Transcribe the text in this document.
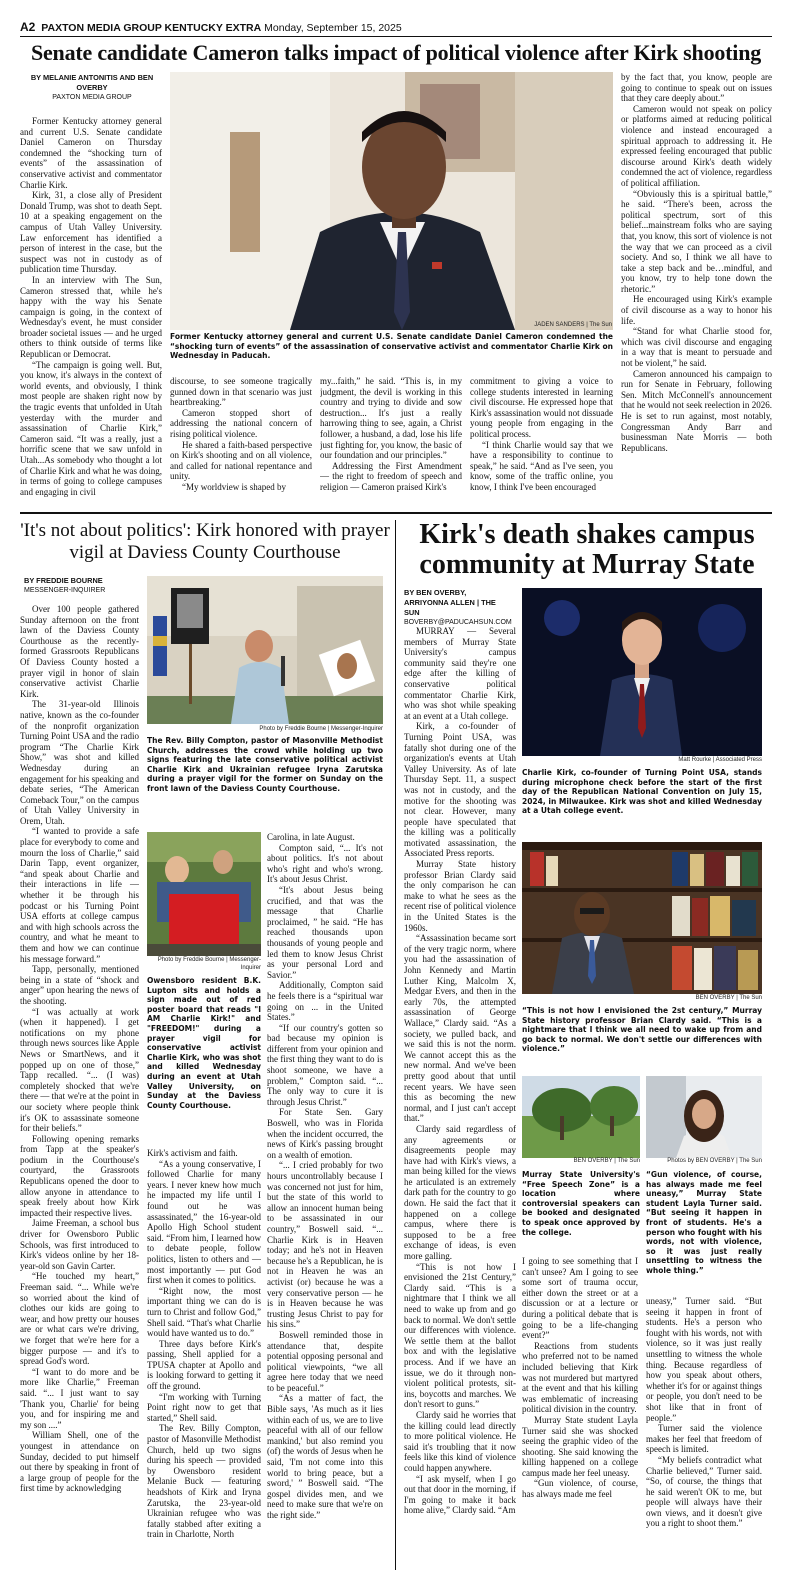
A2 PAXTON MEDIA GROUP KENTUCKY EXTRA Monday, September 15, 2025
Senate candidate Cameron talks impact of political violence after Kirk shooting
BY MELANIE ANTONITIS AND BEN OVERBY
PAXTON MEDIA GROUP

Former Kentucky attorney general and current U.S. Senate candidate Daniel Cameron on Thursday condemned the “shocking turn of events” of the assassination of conservative activist and commentator Charlie Kirk.

Kirk, 31, a close ally of President Donald Trump, was shot to death Sept. 10 at a speaking engagement on the campus of Utah Valley University. Law enforcement has identified a person of interest in the case, but the suspect was not in custody as of publication time Thursday.

In an interview with The Sun, Cameron stressed that, while he's happy with the way his Senate campaign is going, in the context of Wednesday's event, he must consider broader societal issues — and he urged others to think outside of terms like Republican or Democrat.

“The campaign is going well. But, you know, it's always in the context of world events, and obviously, I think most people are shaken right now by the tragic events that unfolded in Utah yesterday with the murder and assassination of Charlie Kirk,” Cameron said. “It was a really, just a horrific scene that we saw unfold in Utah...As somebody who thought a lot of Charlie Kirk and what he was doing, in terms of going to college campuses and engaging in civil

JADEN SANDERS | The Sun
Former Kentucky attorney general and current U.S. Senate candidate Daniel Cameron condemned the “shocking turn of events” of the assassination of conservative activist and commentator Charlie Kirk on Wednesday in Paducah.

discourse, to see someone tragically gunned down in that scenario was just heartbreaking.”

Cameron stopped short of addressing the national concern of rising political violence.

He shared a faith-based perspective on Kirk's shooting and on all violence, and called for national repentance and unity.

“My worldview is shaped by

my...faith,” he said. “This is, in my judgment, the devil is working in this country and trying to divide and sow destruction... It's just a really harrowing thing to see, again, a Christ follower, a husband, a dad, lose his life just fighting for, you know, the basic of our foundation and our principles.”

Addressing the First Amendment — the right to freedom of speech and religion — Cameron praised Kirk's

commitment to giving a voice to college students interested in learning civil discourse. He expressed hope that Kirk's assassination would not dissuade young people from engaging in the political process.

“I think Charlie would say that we have a responsibility to continue to speak,” he said. “And as I've seen, you know, some of the traffic online, you know, I think I've been encouraged

by the fact that, you know, people are going to continue to speak out on issues that they care deeply about.”

Cameron would not speak on policy or platforms aimed at reducing political violence and instead encouraged a spiritual approach to addressing it. He expressed feeling encouraged that public discourse around Kirk's death widely condemned the act of violence, regardless of political affiliation.

“Obviously this is a spiritual battle,” he said. “There's been, across the political spectrum, sort of this belief...mainstream folks who are saying that, you know, this sort of violence is not the way that we can proceed as a civil society. And so, I think we all have to take a step back and be…mindful, and you know, try to help tone down the rhetoric.”

He encouraged using Kirk's example of civil discourse as a way to honor his life.

“Stand for what Charlie stood for, which was civil discourse and engaging in a way that is meant to persuade and not be violent,” he said.

Cameron announced his campaign to run for Senate in February, following Sen. Mitch McConnell's announcement that he would not seek reelection in 2026. He is set to run against, most notably, Congressman Andy Barr and businessman Nate Morris — both Republicans.

'It's not about politics': Kirk honored with prayer vigil at Daviess County Courthouse
BY FREDDIE BOURNE
MESSENGER-INQUIRER

Over 100 people gathered Sunday afternoon on the front lawn of the Daviess County Courthouse as the recently-formed Grassroots Republicans Of Daviess County hosted a prayer vigil in honor of slain conservative activist Charlie Kirk.

The 31-year-old Illinois native, known as the co-founder of the nonprofit organization Turning Point USA and the radio program “The Charlie Kirk Show,” was shot and killed Wednesday during an engagement for his speaking and debate series, “The American Comeback Tour,” on the campus of Utah Valley University in Orem, Utah.

“I wanted to provide a safe place for everybody to come and mourn the loss of Charlie,” said Darin Tapp, event organizer, “and speak about Charlie and their interactions in life — whether it be through his podcast or his Turning Point USA efforts at college campus and with high schools across the country, and what he meant to them and how we can continue his message forward.”

Tapp, personally, mentioned being in a state of “shock and anger” upon hearing the news of the shooting.

“I was actually at work (when it happened). I get notifications on my phone through news sources like Apple News or SmartNews, and it popped up on one of those,” Tapp recalled. “... (I was) completely shocked that we're there — that we're at the point in our society where people think it's OK to assassinate someone for their beliefs.”

Following opening remarks from Tapp at the speaker's podium in the Courthouse's courtyard, the Grassroots Republicans opened the door to allow anyone in attendance to speak freely about how Kirk impacted their respective lives.

Jaime Freeman, a school bus driver for Owensboro Public Schools, was first introduced to Kirk's videos online by her 18-year-old son Gavin Carter.

“He touched my heart,” Freeman said. “... While we're so worried about the kind of clothes our kids are going to wear, and how pretty our houses are or what cars we're driving, we forget that we're here for a bigger purpose — and it's to spread God's word.

“I want to do more and be more like Charlie,” Freeman said. “... I just want to say 'Thank you, Charlie' for being you, and for inspiring me and my son ....”

William Shell, one of the youngest in attendance on Sunday, decided to put himself out there by speaking in front of a large group of people for the first time by acknowledging

Photo by Freddie Bourne | Messenger-Inquirer
The Rev. Billy Compton, pastor of Masonville Methodist Church, addresses the crowd while holding up two signs featuring the late conservative political activist Charlie Kirk and Ukrainian refugee Iryna Zarutska during a prayer vigil for the former on Sunday on the front lawn of the Daviess County Courthouse.
Photo by Freddie Bourne | Messenger-Inquirer
Owensboro resident B.K. Lupton sits and holds a sign made out of red poster board that reads "I AM Charlie Kirk!" and "FREEDOM!" during a prayer vigil for conservative activist Charlie Kirk, who was shot and killed Wednesday during an event at Utah Valley University, on Sunday at the Daviess County Courthouse.

Kirk's activism and faith.

“As a young conservative, I followed Charlie for many years. I never knew how much he impacted my life until I found out he was assassinated,” the 16-year-old Apollo High School student said. “From him, I learned how to debate people, follow politics, listen to others and — most importantly — put God first when it comes to politics.

“Right now, the most important thing we can do is turn to Christ and follow God,” Shell said. “That's what Charlie would have wanted us to do.”

Three days before Kirk's passing, Shell applied for a TPUSA chapter at Apollo and is looking forward to getting it off the ground.

“I'm working with Turning Point right now to get that started,” Shell said.

The Rev. Billy Compton, pastor of Masonville Methodist Church, held up two signs during his speech — provided by Owensboro resident Melanie Buck — featuring headshots of Kirk and Iryna Zarutska, the 23-year-old Ukrainian refugee who was fatally stabbed after exiting a train in Charlotte, North

Carolina, in late August.

Compton said, “... It's not about politics. It's not about who's right and who's wrong. It's about Jesus Christ.

“It's about Jesus being crucified, and that was the message that Charlie proclaimed, ” he said. “He has reached thousands upon thousands of young people and led them to know Jesus Christ as your personal Lord and Savior.”

Additionally, Compton said he feels there is a “spiritual war going on ... in the United States.”

“If our country's gotten so bad because my opinion is different from your opinion and the first thing they want to do is shoot someone, we have a problem,” Compton said. “... The only way to cure it is through Jesus Christ.”

For State Sen. Gary Boswell, who was in Florida when the incident occurred, the news of Kirk's passing brought on a wealth of emotion.

“... I cried probably for two hours uncontrollably because I was concerned not just for him, but the state of this world to allow an innocent human being to be assassinated in our country,” Boswell said. “... Charlie Kirk is in Heaven today; and he's not in Heaven because he's a Republican, he is not in Heaven he was an activist (or) because he was a very conservative person — he is in Heaven because he was trusting Jesus Christ to pay for his sins.”

Boswell reminded those in attendance that, despite potential opposing personal and political viewpoints, “we all agree here today that we need to be peaceful.”

“As a matter of fact, the Bible says, 'As much as it lies within each of us, we are to live peaceful with all of our fellow mankind,' but also remind you (of) the words of Jesus when he said, 'I'm not come into this world to bring peace, but a sword,' ” Boswell said. “The gospel divides men, and we need to make sure that we're on the right side.”

Kirk's death shakes campus community at Murray State
BY BEN OVERBY, ARRIYONNA ALLEN | THE SUN
BOVERBY@PADUCAHSUN.COM

MURRAY — Several members of Murray State University's campus community said they're one edge after the killing of conservative political commentator Charlie Kirk, who was shot while speaking at an event at a Utah college.

Kirk, a co-founder of Turning Point USA, was fatally shot during one of the organization's events at Utah Valley University. As of late Thursday Sept. 11, a suspect was not in custody, and the motive for the shooting was not clear. However, many people have speculated that the killing was a politically motivated assassination, the Associated Press reports.

Murray State history professor Brian Clardy said the only comparison he can make to what he sees as the recent rise of political violence in the United States is the 1960s.

“Assassination became sort of the very tragic norm, where you had the assassination of John Kennedy and Martin Luther King, Malcolm X, Medgar Evers, and then in the early 70s, the attempted assassination of George Wallace,” Clardy said. “As a society, we pulled back, and we said this is not the norm. We cannot accept this as the new normal. And we've been pretty good about that until recent years. We have seen this as becoming the new normal, and I just can't accept that.”

Clardy said regardless of any agreements or disagreements people may have had with Kirk's views, a man being killed for the views he articulated is an extremely dark path for the country to go down. He said the fact that it happened on a college campus, where there is supposed to be a free exchange of ideas, is even more galling.

“This is not how I envisioned the 21st Century,” Clardy said. “This is a nightmare that I think we all need to wake up from and go back to normal. We don't settle our differences with violence. We settle them at the ballot box and with the legislative process. And if we have an issue, we do it through non-violent political protests, sit-ins, boycotts and marches. We don't resort to guns.”

Clardy said he worries that the killing could lead directly to more political violence. He said it's troubling that it now feels like this kind of violence could happen anywhere.

“I ask myself, when I go out that door in the morning, if I'm going to make it back home alive,” Clardy said. “Am

Matt Rourke | Associated Press
Charlie Kirk, co-founder of Turning Point USA, stands during microphone check before the start of the first day of the Republican National Convention on July 15, 2024, in Milwaukee. Kirk was shot and killed Wednesday at a Utah college event.
BEN OVERBY | The Sun
“This is not how I envisioned the 2st century,” Murray State history professor Brian Clardy said. “This is a nightmare that I think we all need to wake up from and go back to normal. We don't settle our differences with violence.”
BEN OVERBY | The Sun
Murray State University's “Free Speech Zone” is a location where controversial speakers can be booked and designated to speak once approved by the college.
Photos by BEN OVERBY | The Sun
“Gun violence, of course, has always made me feel uneasy,” Murray State student Layla Turner said. “But seeing it happen in front of students. He's a person who fought with his words, not with violence, so it was just really unsettling to witness the whole thing.”

I going to see something that I can't unsee? Am I going to see some sort of trauma occur, either down the street or at a discussion or at a lecture or during a political debate that is going to be a life-changing event?”

Reactions from students who preferred not to be named included believing that Kirk was not murdered but martyred at the event and that his killing was emblematic of increasing political division in the country.

Murray State student Layla Turner said she was shocked seeing the graphic video of the shooting. She said knowing the killing happened on a college campus made her feel uneasy.

“Gun violence, of course, has always made me feel

uneasy,” Turner said. “But seeing it happen in front of students. He's a person who fought with his words, not with violence, so it was just really unsettling to witness the whole thing. Because regardless of how you speak about others, whether it's for or against things or people, you don't need to be shot like that in front of people.”

Turner said the violence makes her feel that freedom of speech is limited.

“My beliefs contradict what Charlie believed,” Turner said. “So, of course, the things that he said weren't OK to me, but people will always have their own views, and it doesn't give you a right to shoot them.”
